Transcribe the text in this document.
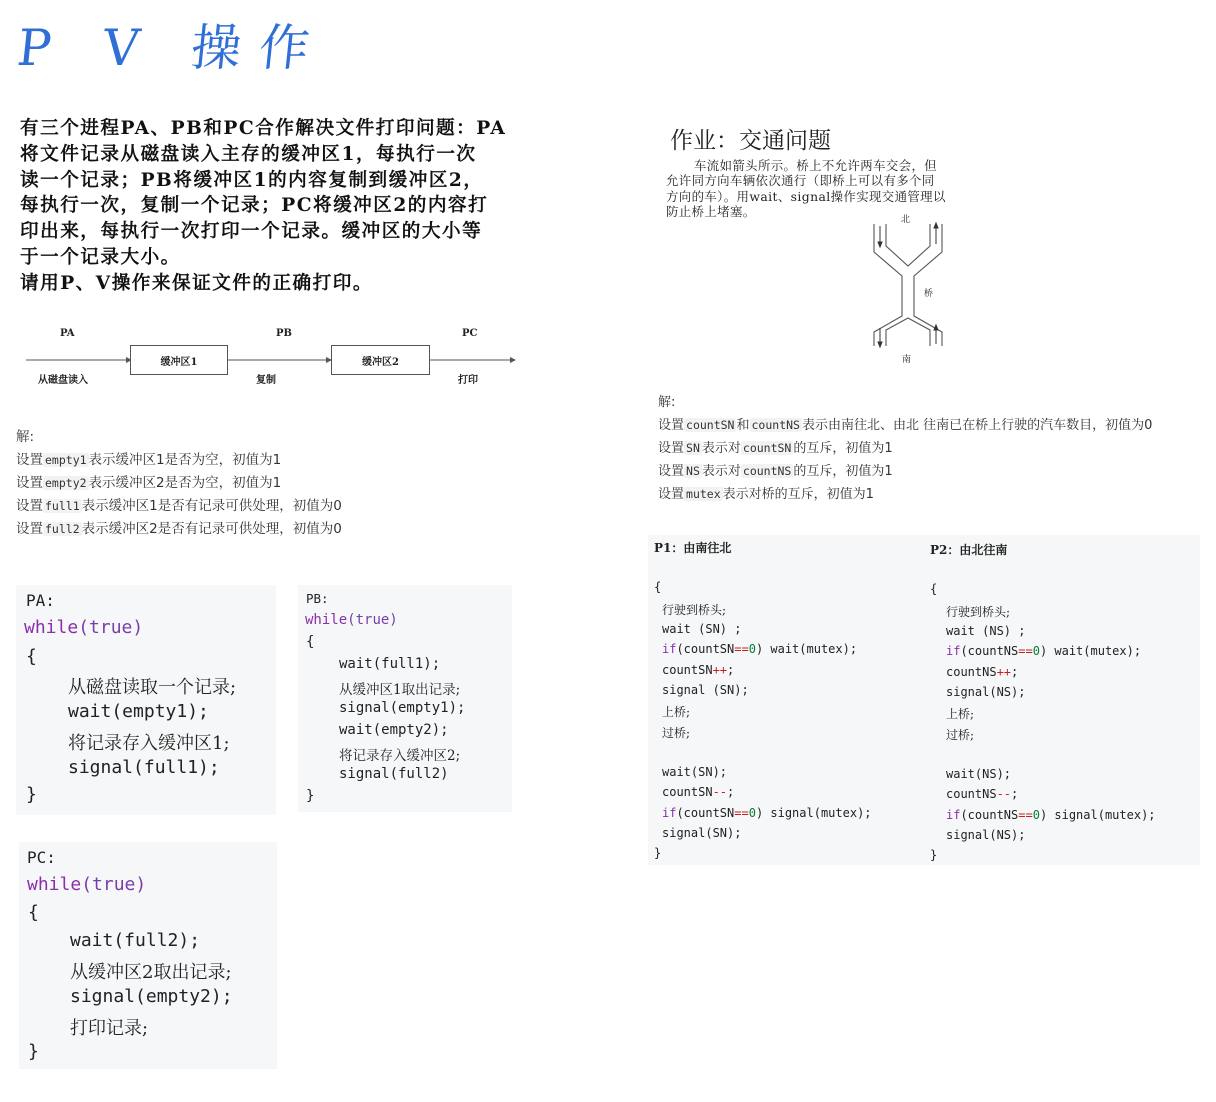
P V 操作
有三个进程PA、PB和PC合作解决文件打印问题：PA
将文件记录从磁盘读入主存的缓冲区1，每执行一次
读一个记录；PB将缓冲区1的内容复制到缓冲区2，
每执行一次，复制一个记录；PC将缓冲区2的内容打
印出来，每执行一次打印一个记录。缓冲区的大小等
于一个记录大小。
请用P、V操作来保证文件的正确打印。
PA	PB	PC
缓冲区1	缓冲区2
从磁盘读入	复制	打印
解:
设置 empty1 表示缓冲区1是否为空，初值为1
设置 empty2 表示缓冲区2是否为空，初值为1
设置 full1 表示缓冲区1是否有记录可供处理，初值为0
设置 full2 表示缓冲区2是否有记录可供处理，初值为0
PA:
while(true)
{
从磁盘读取一个记录;
wait(empty1);
将记录存入缓冲区1;
signal(full1);
}
PB:
while(true)
{
wait(full1);
从缓冲区1取出记录;
signal(empty1);
wait(empty2);
将记录存入缓冲区2;
signal(full2)
}
PC:
while(true)
{
wait(full2);
从缓冲区2取出记录;
signal(empty2);
打印记录;
}
作业：交通问题
车流如箭头所示。桥上不允许两车交会，但
允许同方向车辆依次通行（即桥上可以有多个同
方向的车）。用wait、signal操作实现交通管理以
防止桥上堵塞。
北
桥
南
解:
设置 countSN 和 countNS 表示由南往北、由北 往南已在桥上行驶的汽车数目，初值为0
设置 SN 表示对 countSN 的互斥，初值为1
设置 NS 表示对 countNS 的互斥，初值为1
设置 mutex 表示对桥的互斥，初值为1
P1：由南往北
{
行驶到桥头;
wait (SN) ;
if(countSN==0) wait(mutex);
countSN++;
signal (SN);
上桥;
过桥;
wait(SN);
countSN--;
if(countSN==0) signal(mutex);
signal(SN);
}
P2：由北往南
{
行驶到桥头;
wait (NS) ;
if(countNS==0) wait(mutex);
countNS++;
signal(NS);
上桥;
过桥;
wait(NS);
countNS--;
if(countNS==0) signal(mutex);
signal(NS);
}
